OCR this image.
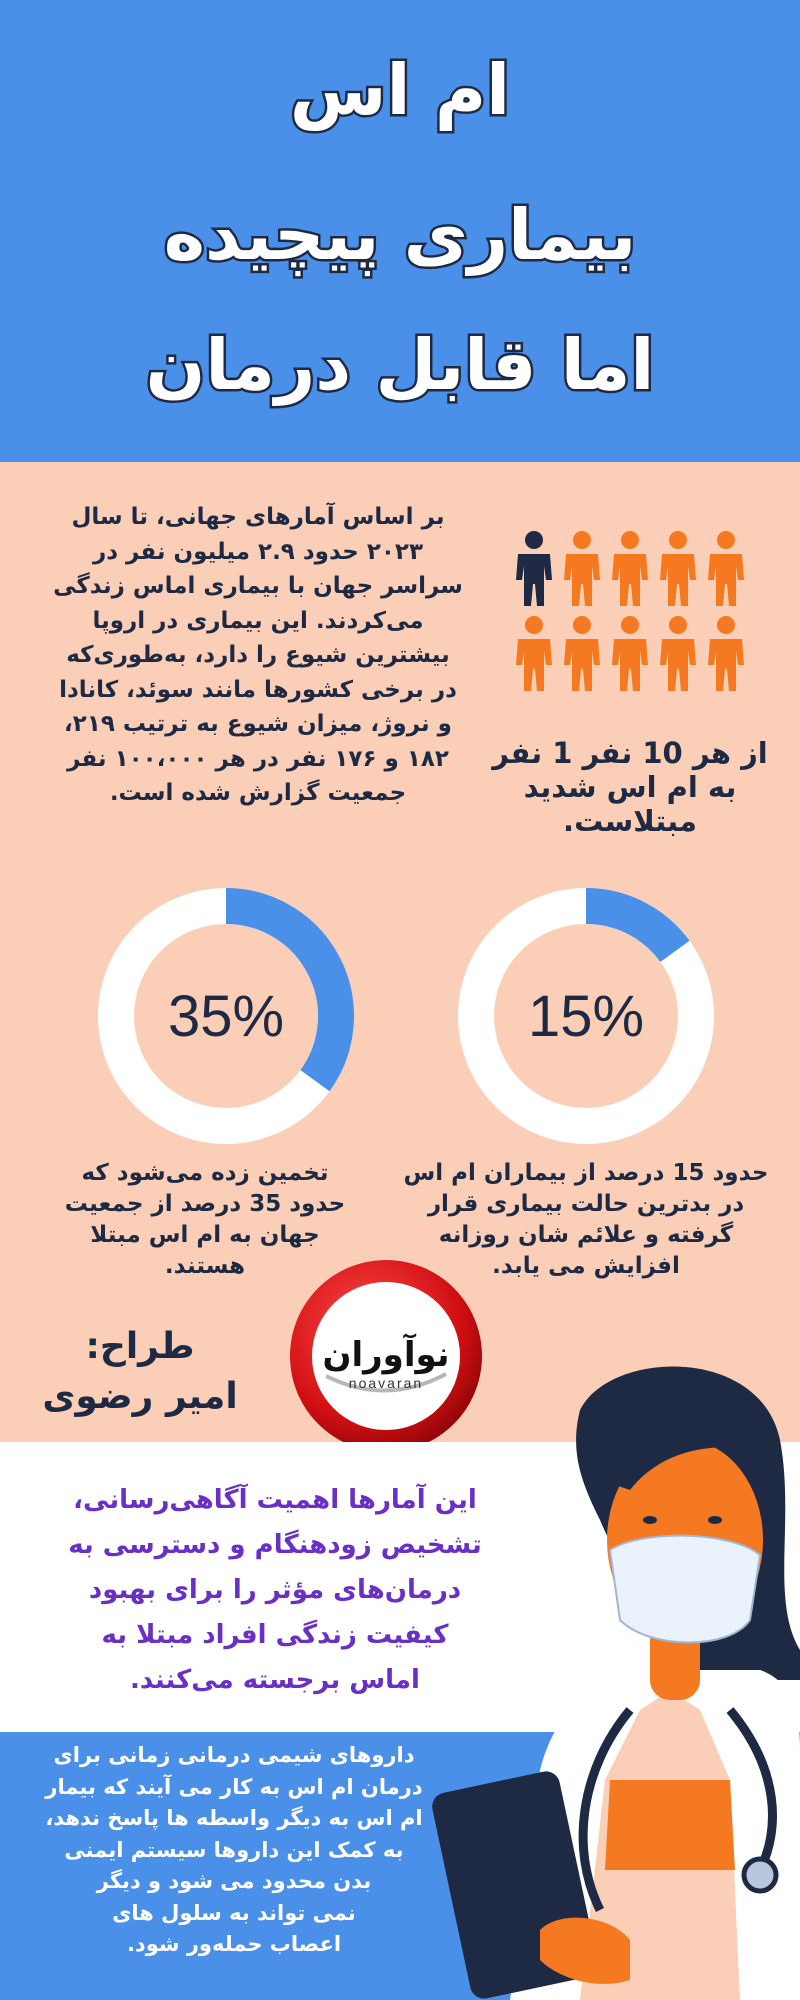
ام اس
بیماری پیچیده
اما قابل درمان
بر اساس آمارهای جهانی، تا سال
۲۰۲۳ حدود ۲.۹ میلیون نفر در
سراسر جهان با بیماری اماس زندگی
می‌کردند. این بیماری در اروپا
بیشترین شیوع را دارد، به‌طوری‌که
در برخی کشورها مانند سوئد، کانادا
و نروژ، میزان شیوع به ترتیب ۲۱۹،
۱۸۲ و ۱۷۶ نفر در هر ۱۰۰،۰۰۰ نفر
جمعیت گزارش شده است.
از هر 10 نفر 1 نفر
به ام اس شدید
مبتلاست.
35%	15%
تخمین زده می‌شود که
حدود 35 درصد از جمعیت
جهان به ام اس مبتلا
هستند.
حدود 15 درصد از بیماران ام اس
در بدترین حالت بیماری قرار
گرفته و علائم شان روزانه
افزایش می یابد.
طراح:
امیر رضوی
نوآوران
noavaran
این آمارها اهمیت آگاهی‌رسانی،
تشخیص زودهنگام و دسترسی به
درمان‌های مؤثر را برای بهبود
کیفیت زندگی افراد مبتلا به
اماس برجسته می‌کنند.
داروهای شیمی درمانی زمانی برای
درمان ام اس به کار می آیند که بیمار
ام اس به دیگر واسطه ها پاسخ ندهد،
به کمک این داروها سیستم ایمنی
بدن محدود می شود و دیگر
نمی تواند به سلول های
اعصاب حمله‌ور شود.
